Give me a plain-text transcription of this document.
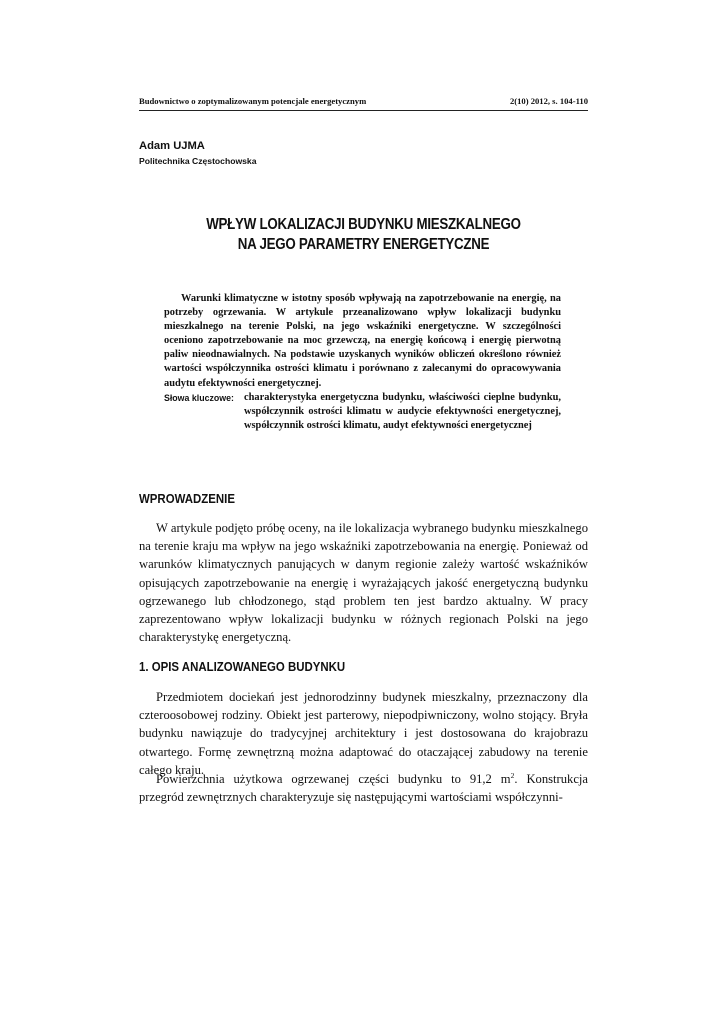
Budownictwo o zoptymalizowanym potencjale energetycznym	2(10) 2012, s. 104-110
Adam UJMA
Politechnika Częstochowska
WPŁYW LOKALIZACJI BUDYNKU MIESZKALNEGO
NA JEGO PARAMETRY ENERGETYCZNE
Warunki klimatyczne w istotny sposób wpływają na zapotrzebowanie na energię, na potrzeby ogrzewania. W artykule przeanalizowano wpływ lokalizacji budynku mieszkalnego na terenie Polski, na jego wskaźniki energetyczne. W szczególności oceniono zapotrzebowanie na moc grzewczą, na energię końcową i energię pierwotną paliw nieodnawialnych. Na podstawie uzyskanych wyników obliczeń określono również wartości współczynnika ostrości klimatu i porównano z zalecanymi do opracowywania audytu efektywności energetycznej.
Słowa kluczowe: charakterystyka energetyczna budynku, właściwości cieplne budynku, współczynnik ostrości klimatu w audycie efektywności energetycznej, współczynnik ostrości klimatu, audyt efektywności energetycznej
WPROWADZENIE
W artykule podjęto próbę oceny, na ile lokalizacja wybranego budynku mieszkalnego na terenie kraju ma wpływ na jego wskaźniki zapotrzebowania na energię. Ponieważ od warunków klimatycznych panujących w danym regionie zależy wartość wskaźników opisujących zapotrzebowanie na energię i wyrażających jakość energetyczną budynku ogrzewanego lub chłodzonego, stąd problem ten jest bardzo aktualny. W pracy zaprezentowano wpływ lokalizacji budynku w różnych regionach Polski na jego charakterystykę energetyczną.
1. OPIS ANALIZOWANEGO BUDYNKU
Przedmiotem dociekań jest jednorodzinny budynek mieszkalny, przeznaczony dla czteroosobowej rodziny. Obiekt jest parterowy, niepodpiwniczony, wolno stojący. Bryła budynku nawiązuje do tradycyjnej architektury i jest dostosowana do krajobrazu otwartego. Formę zewnętrzną można adaptować do otaczającej zabudowy na terenie całego kraju.
Powierzchnia użytkowa ogrzewanej części budynku to 91,2 $m^2$. Konstrukcja przegród zewnętrznych charakteryzuje się następującymi wartościami współczynni-
